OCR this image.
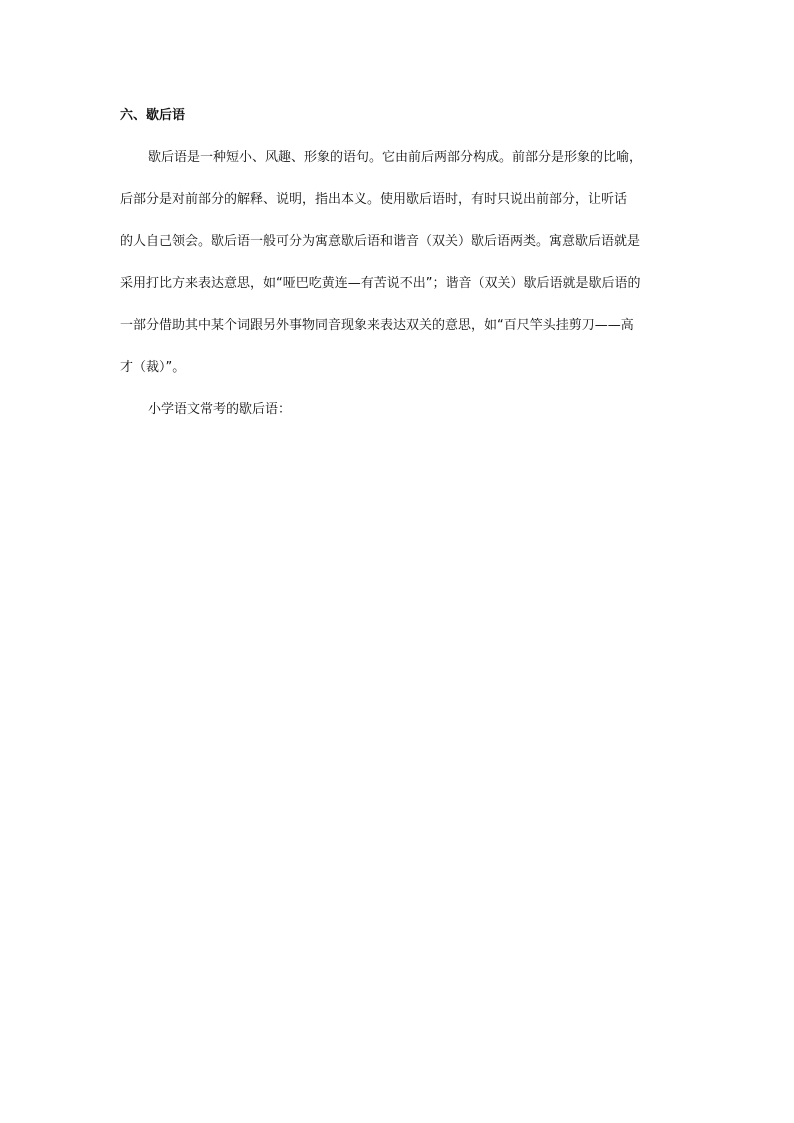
六、歇后语
歇后语是一种短小、风趣、形象的语句。它由前后两部分构成。前部分是形象的比喻，
后部分是对前部分的解释、说明，指出本义。使用歇后语时，有时只说出前部分，让听话
的人自己领会。歇后语一般可分为寓意歇后语和谐音（双关）歇后语两类。寓意歇后语就是
采用打比方来表达意思，如“哑巴吃黄连—有苦说不出”；谐音（双关）歇后语就是歇后语的
一部分借助其中某个词跟另外事物同音现象来表达双关的意思，如“百尺竿头挂剪刀——高
才（裁）”。
小学语文常考的歇后语：
